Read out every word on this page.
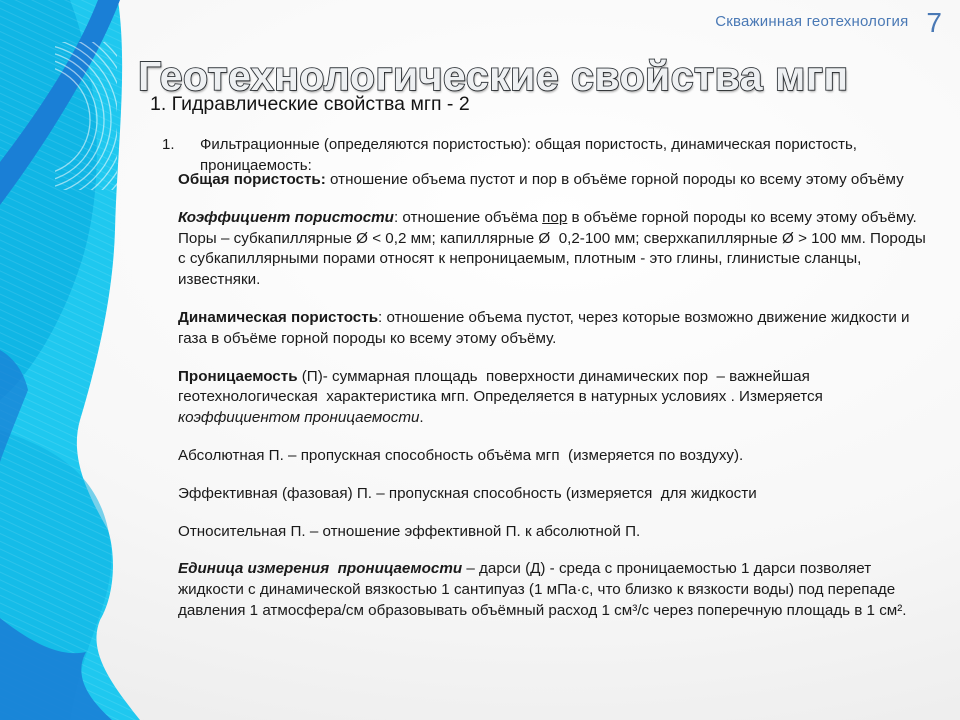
Скважинная геотехнология 7
Геотехнологические свойства мгп
1. Гидравлические свойства мгп - 2
1.	Фильтрационные (определяются пористостью): общая пористость, динамическая пористость, проницаемость:

Общая пористость: отношение объема пустот и пор в объёме горной породы ко всему этому объёму

Коэффициент пористости: отношение объёма пор в объёме горной породы ко всему этому объёму. Поры – субкапиллярные Ø < 0,2 мм; капиллярные Ø  0,2-100 мм; сверхкапиллярные Ø > 100 мм. Породы с субкапиллярными порами относят к непроницаемым, плотным - это глины, глинистые сланцы, известняки.

Динамическая пористость: отношение объема пустот, через которые возможно движение жидкости и газа в объёме горной породы ко всему этому объёму.

Проницаемость (П)- суммарная площадь  поверхности динамических пор  – важнейшая геотехнологическая  характеристика мгп. Определяется в натурных условиях . Измеряется коэффициентом проницаемости.

Абсолютная П. – пропускная способность объёма мгп  (измеряется по воздуху).

Эффективная (фазовая) П. – пропускная способность (измеряется  для жидкости

Относительная П. – отношение эффективной П. к абсолютной П.

Единица измерения  проницаемости – дарси (Д) - среда с проницаемостью 1 дарси позволяет жидкости с динамической вязкостью 1 сантипуаз (1 мПа·с, что близко к вязкости воды) под перепаде давления 1 атмосфера/см образовывать объёмный расход 1 см³/с через поперечную площадь в 1 см².
